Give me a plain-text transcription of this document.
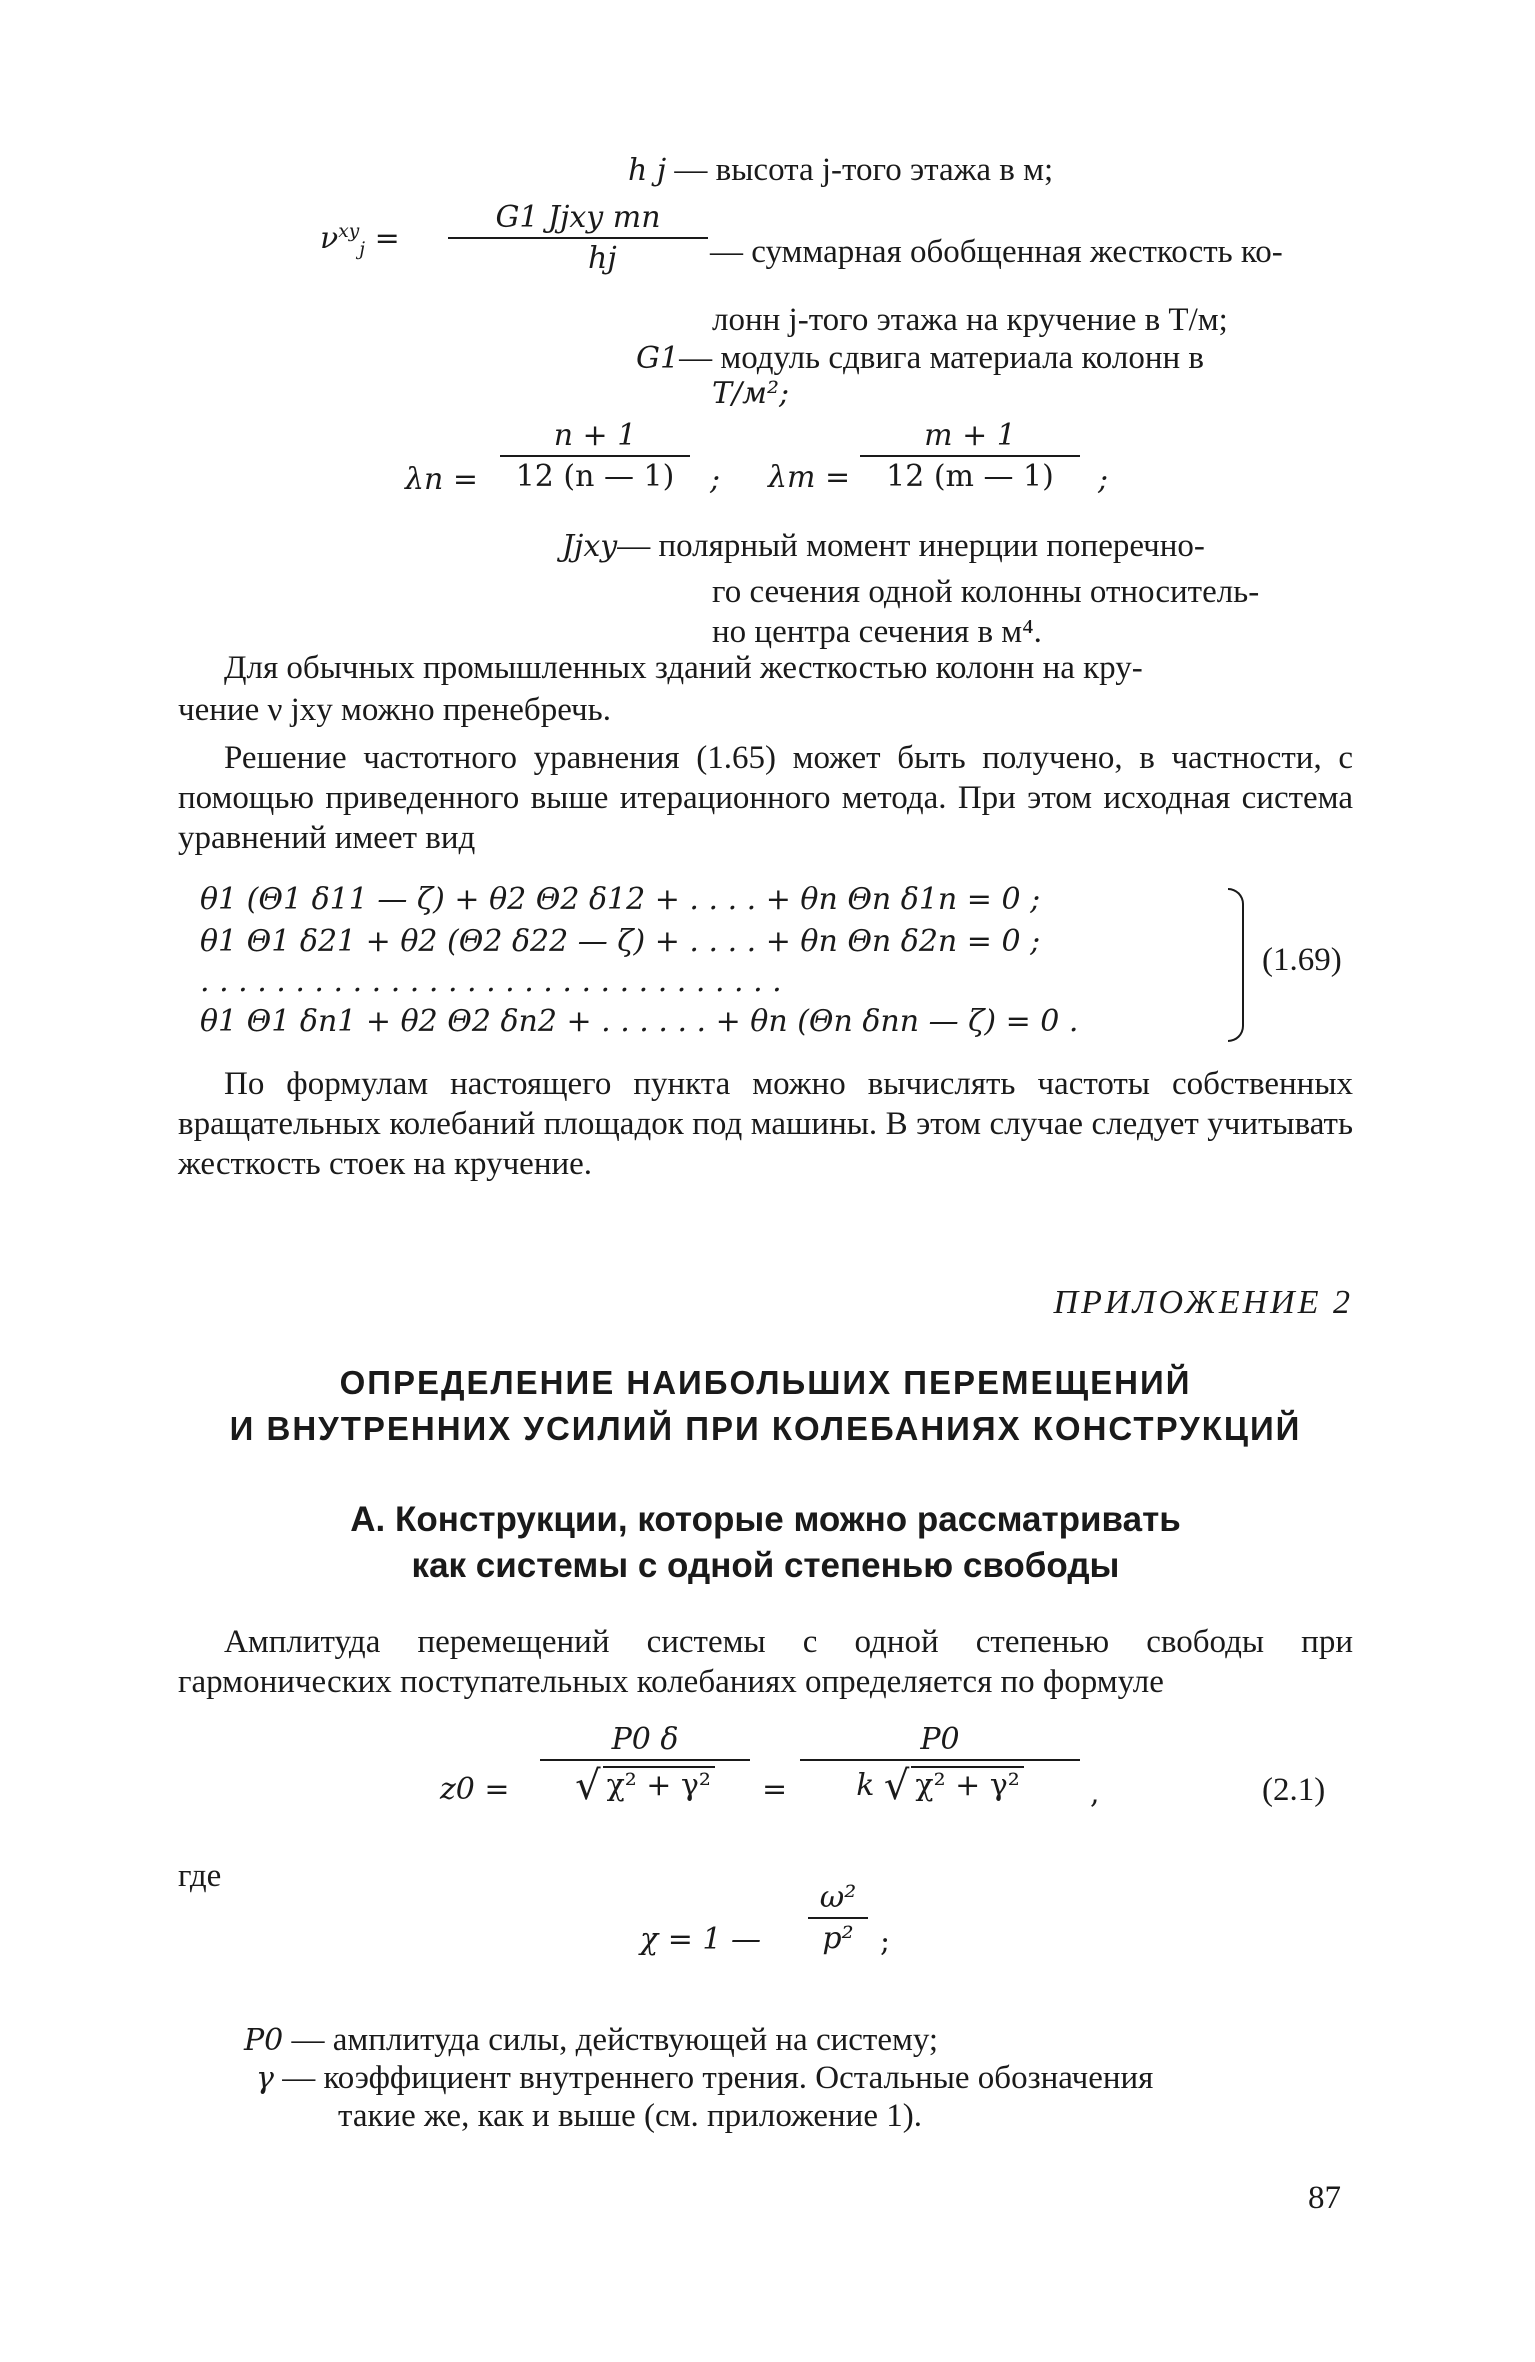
h j — высота j-того этажа в м;
$\nu^{xy}_j = \frac{\text{G1 Jjxy mn}}{hj}$ — суммарная обобщенная жесткость ко-
лонн j-того этажа на кручение в Т/м;
G1— модуль сдвига материала колонн в
Т/м²;
$\lambda n = \frac{n + 1}{12 (n — 1)}$ ; $\lambda m = \frac{m + 1}{12 (m — 1)}$ ;
Jjxy— полярный момент инерции поперечно-
го сечения одной колонны относитель-
но центра сечения в м⁴.
Для обычных промышленных зданий жесткостью колонн на кру-
чение ν jxy можно пренебречь.
Решение частотного уравнения (1.65) может быть получено, в частности, с помощью приведенного выше итерационного метода. При этом исходная система уравнений имеет вид
θ1 (Θ1 δ11 — ζ) + θ2 Θ2 δ12 + . . . . + θn Θn δ1n = 0 ;
θ1 Θ1 δ21 + θ2 (Θ2 δ22 — ζ) + . . . . + θn Θn δ2n = 0 ;
. . . . . . . . . . . . . . . . . . . . . . . . . . . . . . .
θ1 Θ1 δn1 + θ2 Θ2 δn2 + . . . . . . + θn (Θn δnn — ζ) = 0 .
(1.69)
По формулам настоящего пункта можно вычислять частоты собственных вращательных колебаний площадок под машины. В этом случае следует учитывать жесткость стоек на кручение.
ПРИЛОЖЕНИЕ 2
ОПРЕДЕЛЕНИЕ НАИБОЛЬШИХ ПЕРЕМЕЩЕНИЙ
И ВНУТРЕННИХ УСИЛИЙ ПРИ КОЛЕБАНИЯХ КОНСТРУКЦИЙ
А. Конструкции, которые можно рассматривать
как системы с одной степенью свободы
Амплитуда перемещений системы с одной степенью свободы при гармонических поступательных колебаниях определяется по формуле
$z0 = \frac{P0 \delta}{\text{√ χ² + γ²}} = \frac{P0}{\text{k √ χ² + γ²}}$ ,	(2.1)
где
χ = 1 — $\frac{\text{ω²}}{\text{p²}}$ ;
P0 — амплитуда силы, действующей на систему;
γ — коэффициент внутреннего трения. Остальные обозначения
такие же, как и выше (см. приложение 1).
87
